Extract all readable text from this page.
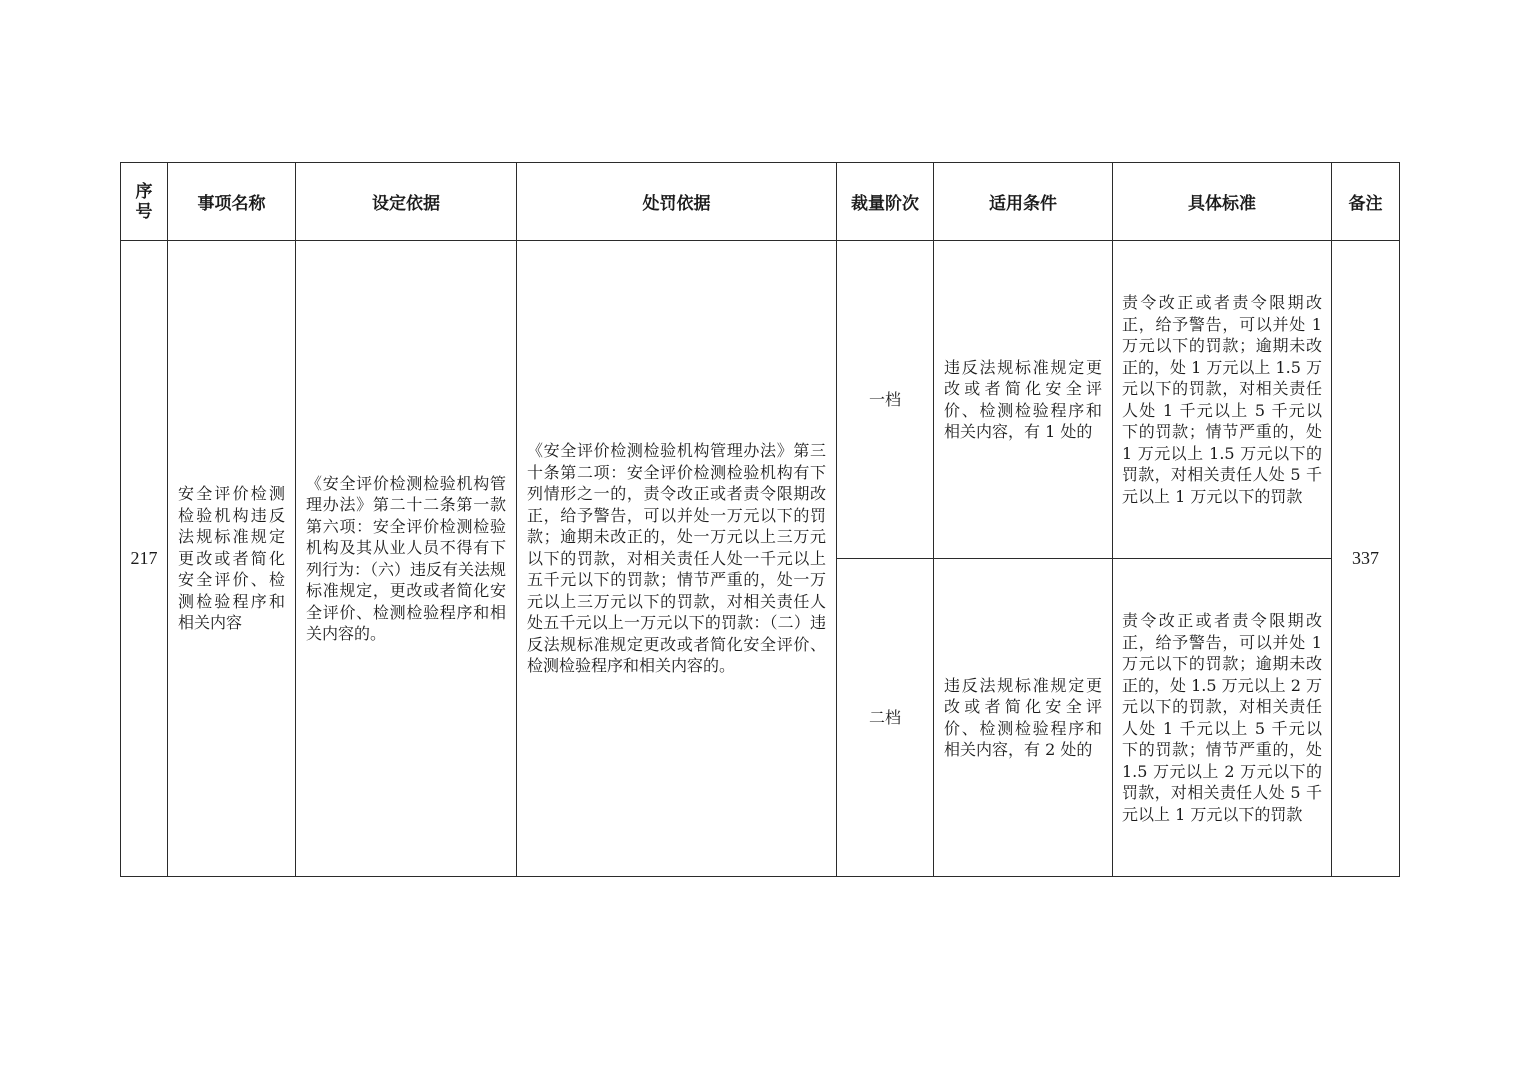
序号	事项名称	设定依据	处罚依据	裁量阶次	适用条件	具体标准	备注
217	安全评价检测检验机构违反法规标准规定更改或者简化安全评价、检测检验程序和相关内容	《安全评价检测检验机构管理办法》第二十二条第一款第六项：安全评价检测检验机构及其从业人员不得有下列行为：（六）违反有关法规标准规定，更改或者简化安全评价、检测检验程序和相关内容的。	《安全评价检测检验机构管理办法》第三十条第二项：安全评价检测检验机构有下列情形之一的，责令改正或者责令限期改正，给予警告，可以并处一万元以下的罚款；逾期未改正的，处一万元以上三万元以下的罚款，对相关责任人处一千元以上五千元以下的罚款；情节严重的，处一万元以上三万元以下的罚款，对相关责任人处五千元以上一万元以下的罚款：（二）违反法规标准规定更改或者简化安全评价、检测检验程序和相关内容的。	一档	违反法规标准规定更改或者简化安全评价、检测检验程序和相关内容，有 1 处的	责令改正或者责令限期改正，给予警告，可以并处 1 万元以下的罚款；逾期未改正的，处 1 万元以上 1.5 万元以下的罚款，对相关责任人处 1 千元以上 5 千元以下的罚款；情节严重的，处 1 万元以上 1.5 万元以下的罚款，对相关责任人处 5 千元以上 1 万元以下的罚款	337
				二档	违反法规标准规定更改或者简化安全评价、检测检验程序和相关内容，有 2 处的	责令改正或者责令限期改正，给予警告，可以并处 1 万元以下的罚款；逾期未改正的，处 1.5 万元以上 2 万元以下的罚款，对相关责任人处 1 千元以上 5 千元以下的罚款；情节严重的，处 1.5 万元以上 2 万元以下的罚款，对相关责任人处 5 千元以上 1 万元以下的罚款	
